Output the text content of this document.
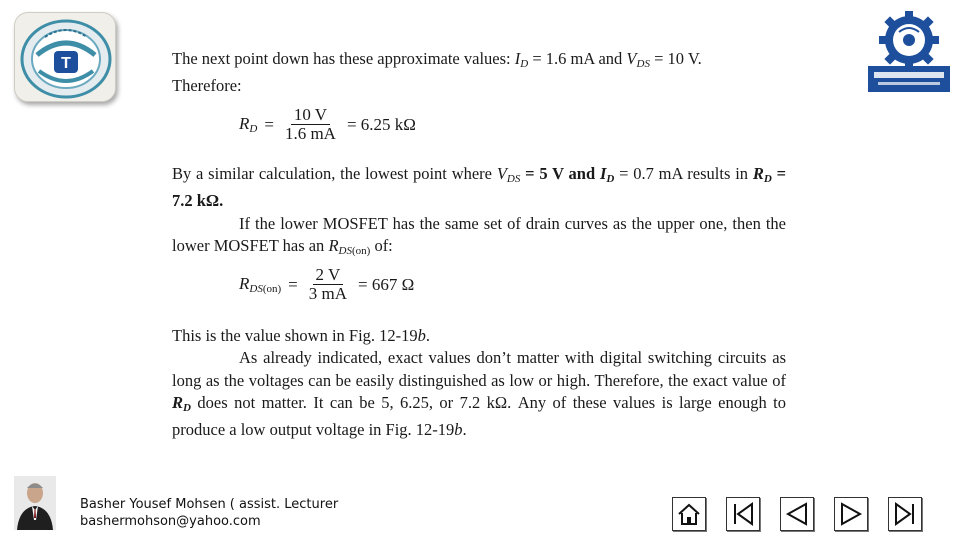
T	The next point down has these approximate values: $I_D = 1.6$ mA and $V_{DS} = 10$ V.
Therefore:

$R_D = \frac{10 V}{1.6 mA} = 6.25$ kΩ

By a similar calculation, the lowest point where $V_{DS} = 5$ V and $I_D = 0.7$ mA results in $R_D = 7.2$ kΩ.

If the lower MOSFET has the same set of drain curves as the upper one, then the lower MOSFET has an $R_{DS(on)}$ of:

$R_{DS(on)} = \frac{2 V}{3 mA} = 667$ Ω

This is the value shown in Fig. 12-19b.

As already indicated, exact values don’t matter with digital switching circuits as long as the voltages can be easily distinguished as low or high. Therefore, the exact value of $R_D$ does not matter. It can be 5, 6.25, or 7.2 kΩ. Any of these values is large enough to produce a low output voltage in Fig. 12-19b.

Basher Yousef Mohsen ( assist. Lecturer
bashermohson@yahoo.com
